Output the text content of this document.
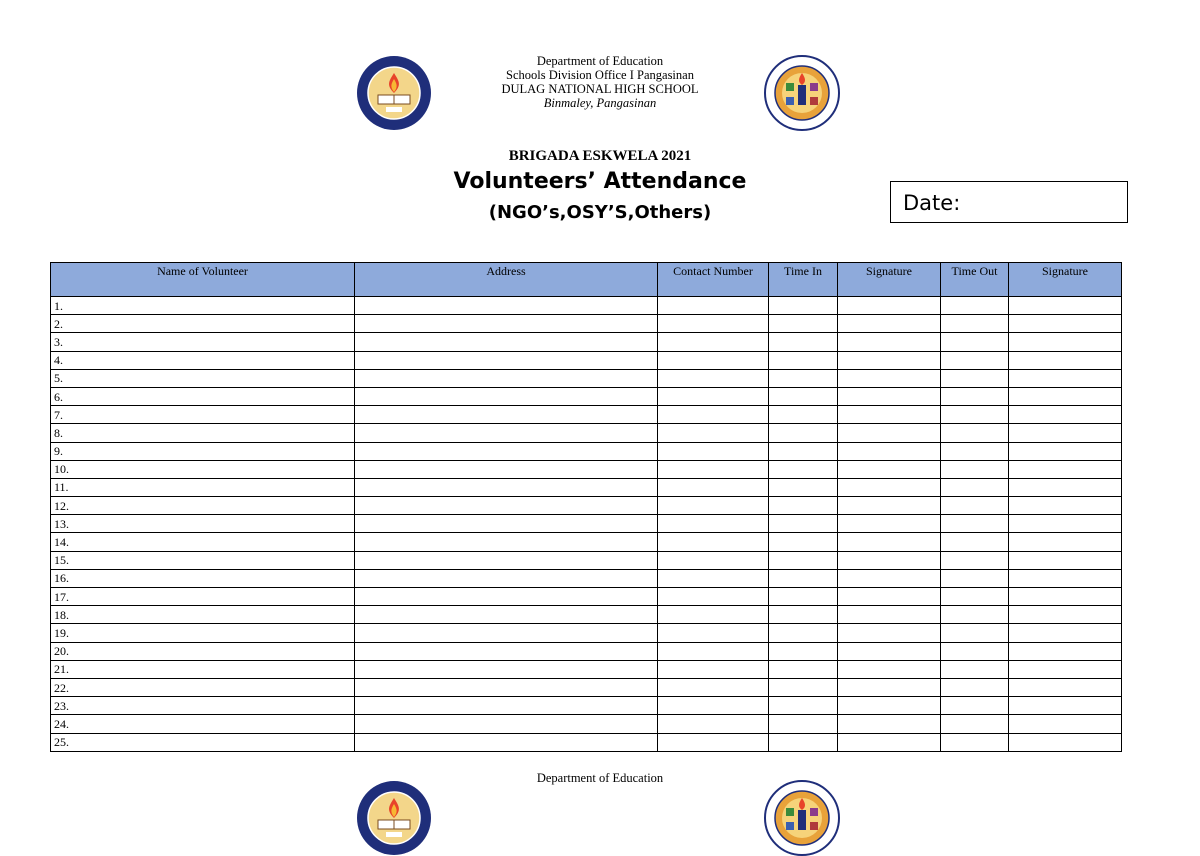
Department of Education
Schools Division Office I Pangasinan
DULAG NATIONAL HIGH SCHOOL
Binmaley, Pangasinan
BRIGADA ESKWELA 2021
Volunteers’ Attendance
(NGO’s,OSY’S,Others)	Date:
Name of Volunteer	Address	Contact Number	Time In	Signature	Time Out	Signature
1.						
2.						
3.						
4.						
5.						
6.						
7.						
8.						
9.						
10.						
11.						
12.						
13.						
14.						
15.						
16.						
17.						
18.						
19.						
20.						
21.						
22.						
23.						
24.						
25.						
Department of Education
